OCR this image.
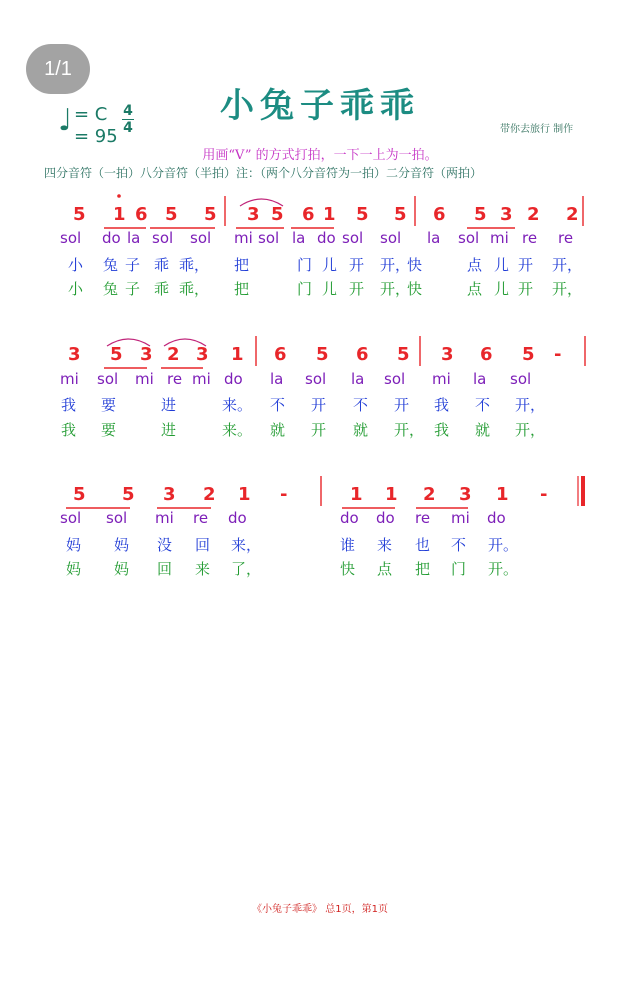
1/1
小兔子乖乖
♩ = C
= 95
4
4	带你去旅行 制作
用画“V” 的方式打拍，一下一上为一拍。
四分音符（一拍）八分音符（半拍）注：（两个八分音符为一拍）二分音符（两拍）
5 1 6 5 5 3 5 6 1 5 5 6 5 3 2 2
sol do la sol sol mi sol la do sol sol la sol mi re re
小 兔 子 乖 乖， 把	门 儿 开 开，
快	点 儿 开 开，
小 兔 子 乖 乖， 把	门 儿 开 开，
快	点 儿 开 开，
3 5 3 2 3 1 6 5 6 5 3 6 5 -
mi sol mi re mi do la sol la sol mi la sol
我 要	进	来。 不 开 不 开 我 不 开，
我 要	进	来。 就 开 就 开， 我 就 开，
5 5 3 2 1 -	1 1 2 3 1 -
sol sol mi re do	do do re mi do
妈 妈 没 回 来，	谁 来 也 不 开。
妈 妈 回 来 了，	快 点 把 门 开。
《小兔子乖乖》 总1页，第1页
